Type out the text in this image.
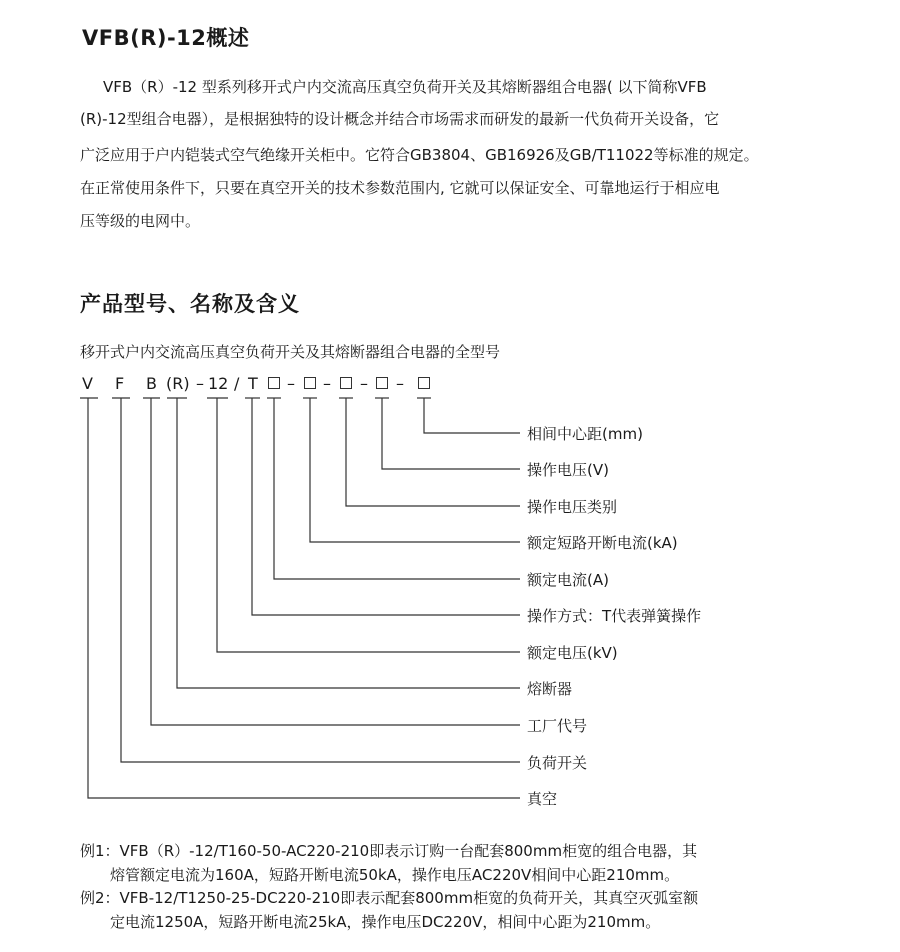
VFB(R)-12概述
VFB（R）-12 型系列移开式户内交流高压真空负荷开关及其熔断器组合电器( 以下简称VFB
(R)-12型组合电器），是根据独特的设计概念并结合市场需求而研发的最新一代负荷开关设备，它
广泛应用于户内铠装式空气绝缘开关柜中。它符合GB3804、GB16926及GB/T11022等标准的规定。
在正常使用条件下，只要在真空开关的技术参数范围内, 它就可以保证安全、可靠地运行于相应电
压等级的电网中。
产品型号、名称及含义
移开式户内交流高压真空负荷开关及其熔断器组合电器的全型号
V F B (R) – 12 / T – – – –
相间中心距(mm)
操作电压(V)
操作电压类别
额定短路开断电流(kA)
额定电流(A)
操作方式：T代表弹簧操作
额定电压(kV)
熔断器
工厂代号
负荷开关
真空
例1：VFB（R）-12/T160-50-AC220-210即表示订购一台配套800mm柜宽的组合电器，其
熔管额定电流为160A，短路开断电流50kA，操作电压AC220V相间中心距210mm。
例2：VFB-12/T1250-25-DC220-210即表示配套800mm柜宽的负荷开关，其真空灭弧室额
定电流1250A，短路开断电流25kA，操作电压DC220V，相间中心距为210mm。
